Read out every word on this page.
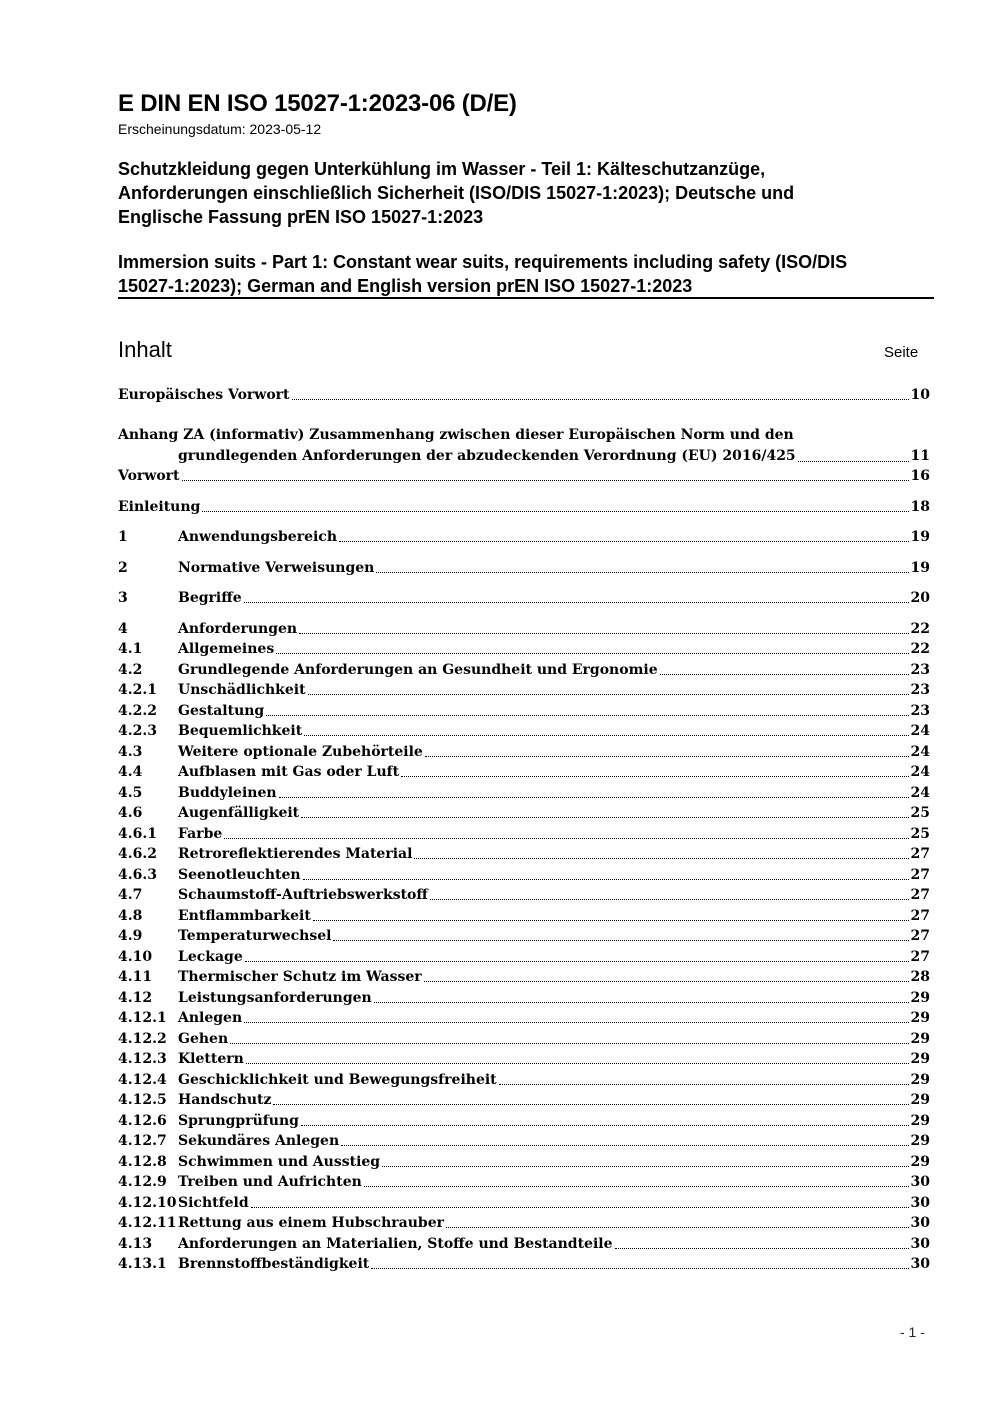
E DIN EN ISO 15027-1:2023-06 (D/E)
Erscheinungsdatum: 2023-05-12
Schutzkleidung gegen Unterkühlung im Wasser - Teil 1: Kälteschutzanzüge,
Anforderungen einschließlich Sicherheit (ISO/DIS 15027-1:2023); Deutsche und
Englische Fassung prEN ISO 15027-1:2023
Immersion suits - Part 1: Constant wear suits, requirements including safety (ISO/DIS
15027-1:2023); German and English version prEN ISO 15027-1:2023
Inhalt	Seite
Europäisches Vorwort	10
Anhang ZA (informativ) Zusammenhang zwischen dieser Europäischen Norm und den
grundlegenden Anforderungen der abzudeckenden Verordnung (EU) 2016/425	11
Vorwort	16
Einleitung	18
1	Anwendungsbereich	19
2	Normative Verweisungen	19
3	Begriffe	20
4	Anforderungen	22
4.1	Allgemeines	22
4.2	Grundlegende Anforderungen an Gesundheit und Ergonomie	23
4.2.1	Unschädlichkeit	23
4.2.2	Gestaltung	23
4.2.3	Bequemlichkeit	24
4.3	Weitere optionale Zubehörteile	24
4.4	Aufblasen mit Gas oder Luft	24
4.5	Buddyleinen	24
4.6	Augenfälligkeit	25
4.6.1	Farbe	25
4.6.2	Retroreflektierendes Material	27
4.6.3	Seenotleuchten	27
4.7	Schaumstoff-Auftriebswerkstoff	27
4.8	Entflammbarkeit	27
4.9	Temperaturwechsel	27
4.10	Leckage	27
4.11	Thermischer Schutz im Wasser	28
4.12	Leistungsanforderungen	29
4.12.1 Anlegen	29
4.12.2 Gehen	29
4.12.3 Klettern	29
4.12.4 Geschicklichkeit und Bewegungsfreiheit	29
4.12.5 Handschutz	29
4.12.6 Sprungprüfung	29
4.12.7 Sekundäres Anlegen	29
4.12.8 Schwimmen und Ausstieg	29
4.12.9 Treiben und Aufrichten	30
4.12.10 Sichtfeld	30
4.12.11 Rettung aus einem Hubschrauber	30
4.13	Anforderungen an Materialien, Stoffe und Bestandteile	30
4.13.1 Brennstoffbeständigkeit	30
- 1 -
